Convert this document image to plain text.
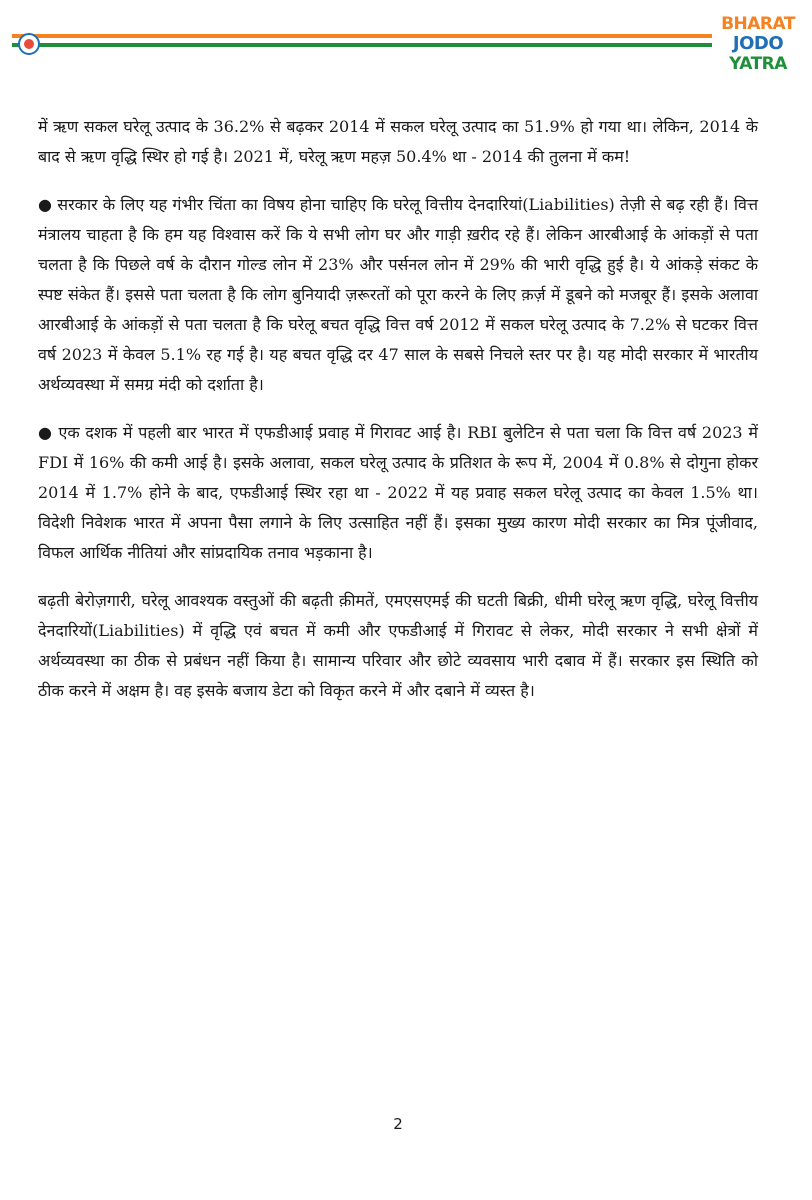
BHARAT
JODO
YATRA

में ऋण सकल घरेलू उत्पाद के 36.2% से बढ़कर 2014 में सकल घरेलू उत्पाद का 51.9% हो गया था। लेकिन, 2014 के बाद से ऋण वृद्धि स्थिर हो गई है। 2021 में, घरेलू ऋण महज़ 50.4% था - 2014 की तुलना में कम!

● सरकार के लिए यह गंभीर चिंता का विषय होना चाहिए कि घरेलू वित्तीय देनदारियां(Liabilities) तेज़ी से बढ़ रही हैं। वित्त मंत्रालय चाहता है कि हम यह विश्वास करें कि ये सभी लोग घर और गाड़ी ख़रीद रहे हैं। लेकिन आरबीआई के आंकड़ों से पता चलता है कि पिछले वर्ष के दौरान गोल्ड लोन में 23% और पर्सनल लोन में 29% की भारी वृद्धि हुई है। ये आंकड़े संकट के स्पष्ट संकेत हैं। इससे पता चलता है कि लोग बुनियादी ज़रूरतों को पूरा करने के लिए क़र्ज़ में डूबने को मजबूर हैं। इसके अलावा आरबीआई के आंकड़ों से पता चलता है कि घरेलू बचत वृद्धि वित्त वर्ष 2012 में सकल घरेलू उत्पाद के 7.2% से घटकर वित्त वर्ष 2023 में केवल 5.1% रह गई है। यह बचत वृद्धि दर 47 साल के सबसे निचले स्तर पर है। यह मोदी सरकार में भारतीय अर्थव्यवस्था में समग्र मंदी को दर्शाता है।

● एक दशक में पहली बार भारत में एफडीआई प्रवाह में गिरावट आई है। RBI बुलेटिन से पता चला कि वित्त वर्ष 2023 में FDI में 16% की कमी आई है। इसके अलावा, सकल घरेलू उत्पाद के प्रतिशत के रूप में, 2004 में 0.8% से दोगुना होकर 2014 में 1.7% होने के बाद, एफडीआई स्थिर रहा था - 2022 में यह प्रवाह सकल घरेलू उत्पाद का केवल 1.5% था। विदेशी निवेशक भारत में अपना पैसा लगाने के लिए उत्साहित नहीं हैं। इसका मुख्य कारण मोदी सरकार का मित्र पूंजीवाद, विफल आर्थिक नीतियां और सांप्रदायिक तनाव भड़काना है।

बढ़ती बेरोज़गारी, घरेलू आवश्यक वस्तुओं की बढ़ती क़ीमतें, एमएसएमई की घटती बिक्री, धीमी घरेलू ऋण वृद्धि, घरेलू वित्तीय देनदारियों(Liabilities) में वृद्धि एवं बचत में कमी और एफडीआई में गिरावट से लेकर, मोदी सरकार ने सभी क्षेत्रों में अर्थव्यवस्था का ठीक से प्रबंधन नहीं किया है। सामान्य परिवार और छोटे व्यवसाय भारी दबाव में हैं। सरकार इस स्थिति को ठीक करने में अक्षम है। वह इसके बजाय डेटा को विकृत करने में और दबाने में व्यस्त है।

2
